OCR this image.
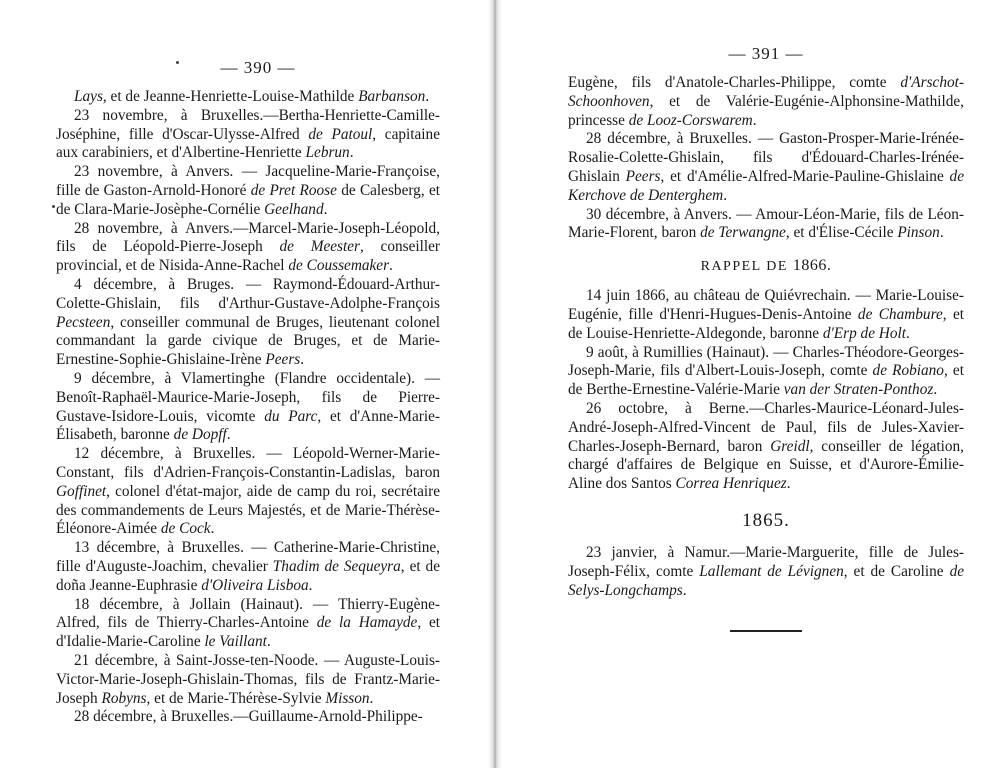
— 390 —

Lays, et de Jeanne-Henriette-Louise-Mathilde Barbanson.

23 novembre, à Bruxelles.—Bertha-Henriette-Camille-Joséphine, fille d'Oscar-Ulysse-Alfred de Patoul, capitaine aux carabiniers, et d'Albertine-Henriette Lebrun.

23 novembre, à Anvers. — Jacqueline-Marie-Françoise, fille de Gaston-Arnold-Honoré de Pret Roose de Calesberg, et de Clara-Marie-Josèphe-Cornélie Geelhand.

28 novembre, à Anvers.—Marcel-Marie-Joseph-Léopold, fils de Léopold-Pierre-Joseph de Meester, conseiller provincial, et de Nisida-Anne-Rachel de Coussemaker.

4 décembre, à Bruges. — Raymond-Édouard-Arthur-Colette-Ghislain, fils d'Arthur-Gustave-Adolphe-François Pecsteen, conseiller communal de Bruges, lieutenant colonel commandant la garde civique de Bruges, et de Marie-Ernestine-Sophie-Ghislaine-Irène Peers.

9 décembre, à Vlamertinghe (Flandre occidentale). — Benoît-Raphaël-Maurice-Marie-Joseph, fils de Pierre-Gustave-Isidore-Louis, vicomte du Parc, et d'Anne-Marie-Élisabeth, baronne de Dopff.

12 décembre, à Bruxelles. — Léopold-Werner-Marie-Constant, fils d'Adrien-François-Constantin-Ladislas, baron Goffinet, colonel d'état-major, aide de camp du roi, secrétaire des commandements de Leurs Majestés, et de Marie-Thérèse-Éléonore-Aimée de Cock.

13 décembre, à Bruxelles. — Catherine-Marie-Christine, fille d'Auguste-Joachim, chevalier Thadim de Sequeyra, et de doña Jeanne-Euphrasie d'Oliveira Lisboa.

18 décembre, à Jollain (Hainaut). — Thierry-Eugène-Alfred, fils de Thierry-Charles-Antoine de la Hamayde, et d'Idalie-Marie-Caroline le Vaillant.

21 décembre, à Saint-Josse-ten-Noode. — Auguste-Louis-Victor-Marie-Joseph-Ghislain-Thomas, fils de Frantz-Marie-Joseph Robyns, et de Marie-Thérèse-Sylvie Misson.

28 décembre, à Bruxelles.—Guillaume-Arnold-Philippe-

— 391 —

Eugène, fils d'Anatole-Charles-Philippe, comte d'Arschot-Schoonhoven, et de Valérie-Eugénie-Alphonsine-Mathilde, princesse de Looz-Corswarem.

28 décembre, à Bruxelles. — Gaston-Prosper-Marie-Irénée-Rosalie-Colette-Ghislain, fils d'Édouard-Charles-Irénée-Ghislain Peers, et d'Amélie-Alfred-Marie-Pauline-Ghislaine de Kerchove de Denterghem.

30 décembre, à Anvers. — Amour-Léon-Marie, fils de Léon-Marie-Florent, baron de Terwangne, et d'Élise-Cécile Pinson.

RAPPEL DE 1866.

14 juin 1866, au château de Quiévrechain. — Marie-Louise-Eugénie, fille d'Henri-Hugues-Denis-Antoine de Chambure, et de Louise-Henriette-Aldegonde, baronne d'Erp de Holt.

9 août, à Rumillies (Hainaut). — Charles-Théodore-Georges-Joseph-Marie, fils d'Albert-Louis-Joseph, comte de Robiano, et de Berthe-Ernestine-Valérie-Marie van der Straten-Ponthoz.

26 octobre, à Berne.—Charles-Maurice-Léonard-Jules-André-Joseph-Alfred-Vincent de Paul, fils de Jules-Xavier-Charles-Joseph-Bernard, baron Greidl, conseiller de légation, chargé d'affaires de Belgique en Suisse, et d'Aurore-Émilie-Aline dos Santos Correa Henriquez.

1865.

23 janvier, à Namur.—Marie-Marguerite, fille de Jules-Joseph-Félix, comte Lallemant de Lévignen, et de Caroline de Selys-Longchamps.
